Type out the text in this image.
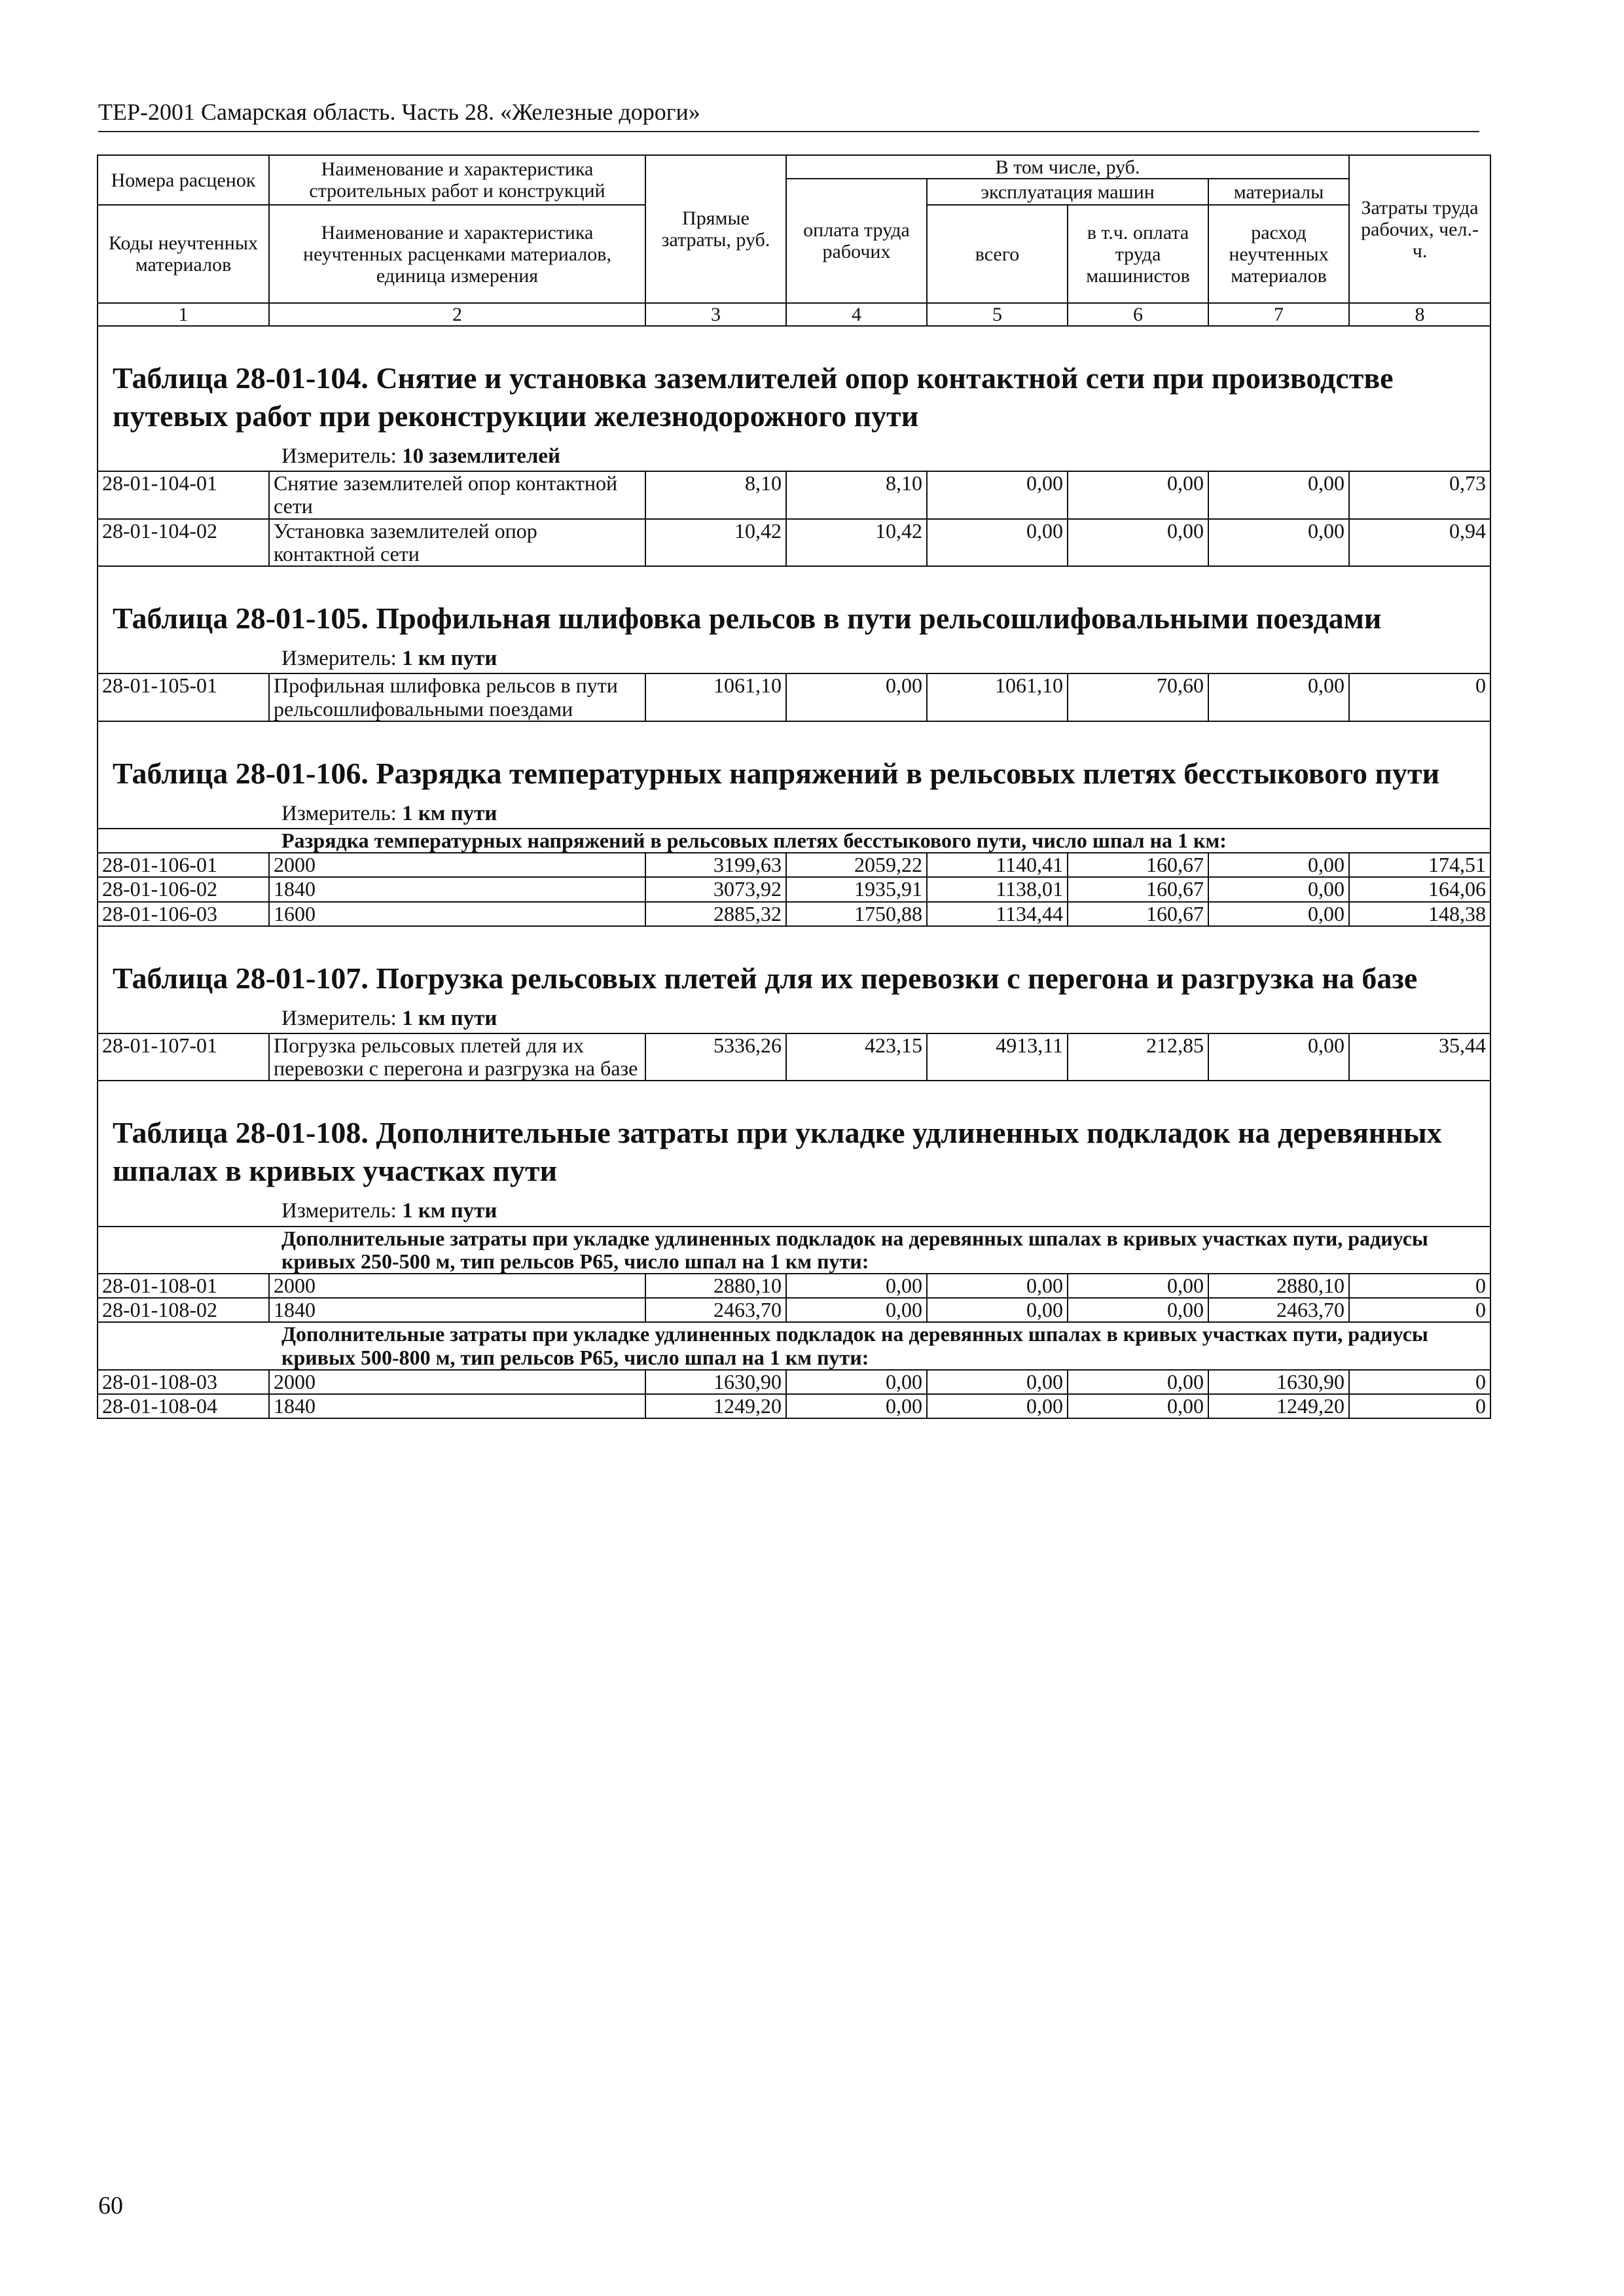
ТЕР-2001 Самарская область. Часть 28. «Железные дороги»
Номера расценок	Наименование и характеристика строительных работ и конструкций	Прямые затраты, руб.	В том числе, руб.				Затраты труда рабочих, чел.-ч.
			оплата труда рабочих	эксплуатация машин		материалы	
Коды неучтенных материалов	Наименование и характеристика неучтенных расценками материалов, единица измерения			всего	в т.ч. оплата труда машинистов	расход неучтенных материалов	

1	2	3	4	5	6	7	8

Таблица 28-01-104. Снятие и установка заземлителей опор контактной сети при производстве путевых работ при реконструкции железнодорожного пути
Измеритель: 10 заземлителей							

28-01-104-01	Снятие заземлителей опор контактной сети	8,10	8,10	0,00	0,00	0,00	0,73
28-01-104-02	Установка заземлителей опор контактной сети	10,42	10,42	0,00	0,00	0,00	0,94

Таблица 28-01-105. Профильная шлифовка рельсов в пути рельсошлифовальными поездами
Измеритель: 1 км пути							

28-01-105-01	Профильная шлифовка рельсов в пути рельсошлифовальными поездами	1061,10	0,00	1061,10	70,60	0,00	0

Таблица 28-01-106. Разрядка температурных напряжений в рельсовых плетях бесстыкового пути
Измеритель: 1 км пути							

Разрядка температурных напряжений в рельсовых плетях бесстыкового пути, число шпал на 1 км:							
28-01-106-01	2000	3199,63	2059,22	1140,41	160,67	0,00	174,51
28-01-106-02	1840	3073,92	1935,91	1138,01	160,67	0,00	164,06
28-01-106-03	1600	2885,32	1750,88	1134,44	160,67	0,00	148,38

Таблица 28-01-107. Погрузка рельсовых плетей для их перевозки с перегона и разгрузка на базе
Измеритель: 1 км пути							

28-01-107-01	Погрузка рельсовых плетей для их перевозки с перегона и разгрузка на базе	5336,26	423,15	4913,11	212,85	0,00	35,44

Таблица 28-01-108. Дополнительные затраты при укладке удлиненных подкладок на деревянных шпалах в кривых участках пути
Измеритель: 1 км пути							

Дополнительные затраты при укладке удлиненных подкладок на деревянных шпалах в кривых участках пути, радиусы кривых 250-500 м, тип рельсов Р65, число шпал на 1 км пути:							
28-01-108-01	2000	2880,10	0,00	0,00	0,00	2880,10	0
28-01-108-02	1840	2463,70	0,00	0,00	0,00	2463,70	0
Дополнительные затраты при укладке удлиненных подкладок на деревянных шпалах в кривых участках пути, радиусы кривых 500-800 м, тип рельсов Р65, число шпал на 1 км пути:							
28-01-108-03	2000	1630,90	0,00	0,00	0,00	1630,90	0
28-01-108-04	1840	1249,20	0,00	0,00	0,00	1249,20	0
60
